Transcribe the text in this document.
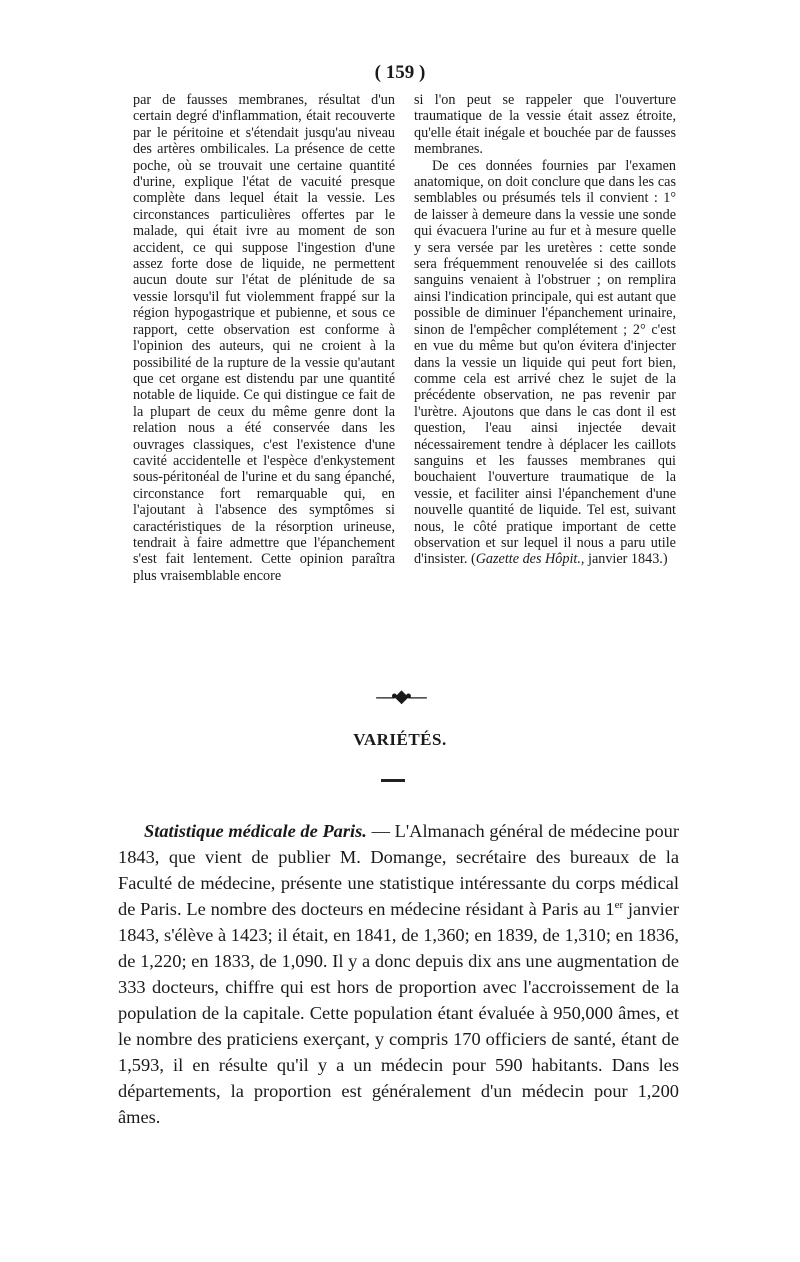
( 159 )

par de fausses membranes, résultat d'un certain degré d'inflammation, était recouverte par le péritoine et s'étendait jusqu'au niveau des artères ombilicales. La présence de cette poche, où se trouvait une certaine quantité d'urine, explique l'état de vacuité presque complète dans lequel était la vessie. Les circonstances particulières offertes par le malade, qui était ivre au moment de son accident, ce qui suppose l'ingestion d'une assez forte dose de liquide, ne permettent aucun doute sur l'état de plénitude de sa vessie lorsqu'il fut violemment frappé sur la région hypogastrique et pubienne, et sous ce rapport, cette observation est conforme à l'opinion des auteurs, qui ne croient à la possibilité de la rupture de la vessie qu'autant que cet organe est distendu par une quantité notable de liquide. Ce qui distingue ce fait de la plupart de ceux du même genre dont la relation nous a été conservée dans les ouvrages classiques, c'est l'existence d'une cavité accidentelle et l'espèce d'enkystement sous-péritonéal de l'urine et du sang épanché, circonstance fort remarquable qui, en l'ajoutant à l'absence des symptômes si caractéristiques de la résorption urineuse, tendrait à faire admettre que l'épanchement s'est fait lentement. Cette opinion paraîtra plus vraisemblable encore

si l'on peut se rappeler que l'ouverture traumatique de la vessie était assez étroite, qu'elle était inégale et bouchée par de fausses membranes.

De ces données fournies par l'examen anatomique, on doit conclure que dans les cas semblables ou présumés tels il convient : 1° de laisser à demeure dans la vessie une sonde qui évacuera l'urine au fur et à mesure quelle y sera versée par les uretères : cette sonde sera fréquemment renouvelée si des caillots sanguins venaient à l'obstruer ; on remplira ainsi l'indication principale, qui est autant que possible de diminuer l'épanchement urinaire, sinon de l'empêcher complétement ; 2° c'est en vue du même but qu'on évitera d'injecter dans la vessie un liquide qui peut fort bien, comme cela est arrivé chez le sujet de la précédente observation, ne pas revenir par l'urètre. Ajoutons que dans le cas dont il est question, l'eau ainsi injectée devait nécessairement tendre à déplacer les caillots sanguins et les fausses membranes qui bouchaient l'ouverture traumatique de la vessie, et faciliter ainsi l'épanchement d'une nouvelle quantité de liquide. Tel est, suivant nous, le côté pratique important de cette observation et sur lequel il nous a paru utile d'insister. (Gazette des Hôpit., janvier 1843.)

—•◆•—
VARIÉTÉS.

Statistique médicale de Paris. — L'Almanach général de médecine pour 1843, que vient de publier M. Domange, secrétaire des bureaux de la Faculté de médecine, présente une statistique intéressante du corps médical de Paris. Le nombre des docteurs en médecine résidant à Paris au 1er janvier 1843, s'élève à 1423; il était, en 1841, de 1,360; en 1839, de 1,310; en 1836, de 1,220; en 1833, de 1,090. Il y a donc depuis dix ans une augmentation de 333 docteurs, chiffre qui est hors de proportion avec l'accroissement de la population de la capitale. Cette population étant évaluée à 950,000 âmes, et le nombre des praticiens exerçant, y compris 170 officiers de santé, étant de 1,593, il en résulte qu'il y a un médecin pour 590 habitants. Dans les départements, la proportion est généralement d'un médecin pour 1,200 âmes.
